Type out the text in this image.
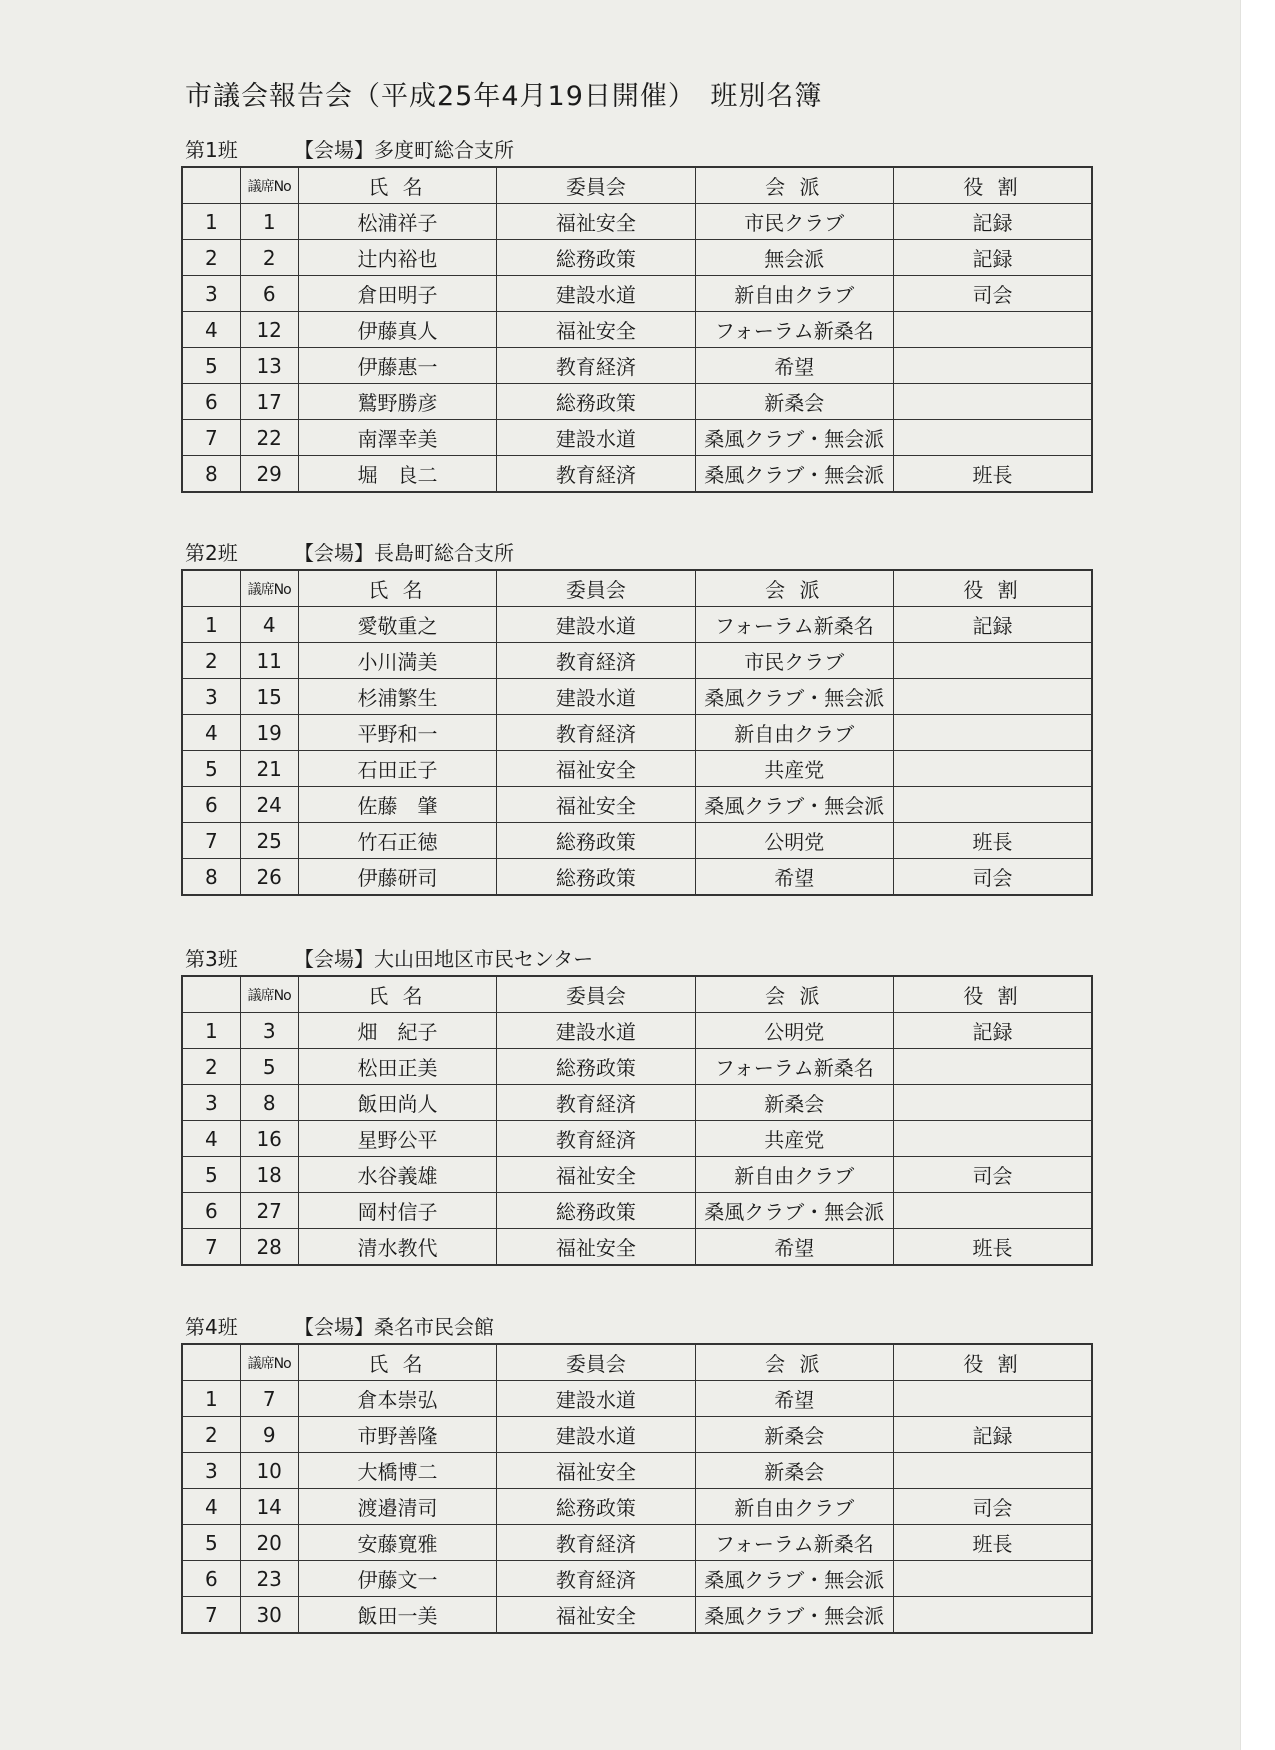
市議会報告会（平成25年4月19日開催）　班別名簿
第1班	【会場】多度町総合支所
	議席No	氏 名	委員会	会 派	役 割
1	1	松浦祥子	福祉安全	市民クラブ	記録
2	2	辻内裕也	総務政策	無会派	記録
3	6	倉田明子	建設水道	新自由クラブ	司会
4	12	伊藤真人	福祉安全	フォーラム新桑名	
5	13	伊藤惠一	教育経済	希望	
6	17	鷲野勝彦	総務政策	新桑会	
7	22	南澤幸美	建設水道	桑風クラブ・無会派	
8	29	堀　良二	教育経済	桑風クラブ・無会派	班長
第2班	【会場】長島町総合支所
	議席No	氏 名	委員会	会 派	役 割
1	4	愛敬重之	建設水道	フォーラム新桑名	記録
2	11	小川満美	教育経済	市民クラブ	
3	15	杉浦繁生	建設水道	桑風クラブ・無会派	
4	19	平野和一	教育経済	新自由クラブ	
5	21	石田正子	福祉安全	共産党	
6	24	佐藤　肇	福祉安全	桑風クラブ・無会派	
7	25	竹石正徳	総務政策	公明党	班長
8	26	伊藤研司	総務政策	希望	司会
第3班	【会場】大山田地区市民センター
	議席No	氏 名	委員会	会 派	役 割
1	3	畑　紀子	建設水道	公明党	記録
2	5	松田正美	総務政策	フォーラム新桑名	
3	8	飯田尚人	教育経済	新桑会	
4	16	星野公平	教育経済	共産党	
5	18	水谷義雄	福祉安全	新自由クラブ	司会
6	27	岡村信子	総務政策	桑風クラブ・無会派	
7	28	清水教代	福祉安全	希望	班長
第4班	【会場】桑名市民会館
	議席No	氏 名	委員会	会 派	役 割
1	7	倉本崇弘	建設水道	希望	
2	9	市野善隆	建設水道	新桑会	記録
3	10	大橋博二	福祉安全	新桑会	
4	14	渡邉清司	総務政策	新自由クラブ	司会
5	20	安藤寛雅	教育経済	フォーラム新桑名	班長
6	23	伊藤文一	教育経済	桑風クラブ・無会派	
7	30	飯田一美	福祉安全	桑風クラブ・無会派	
